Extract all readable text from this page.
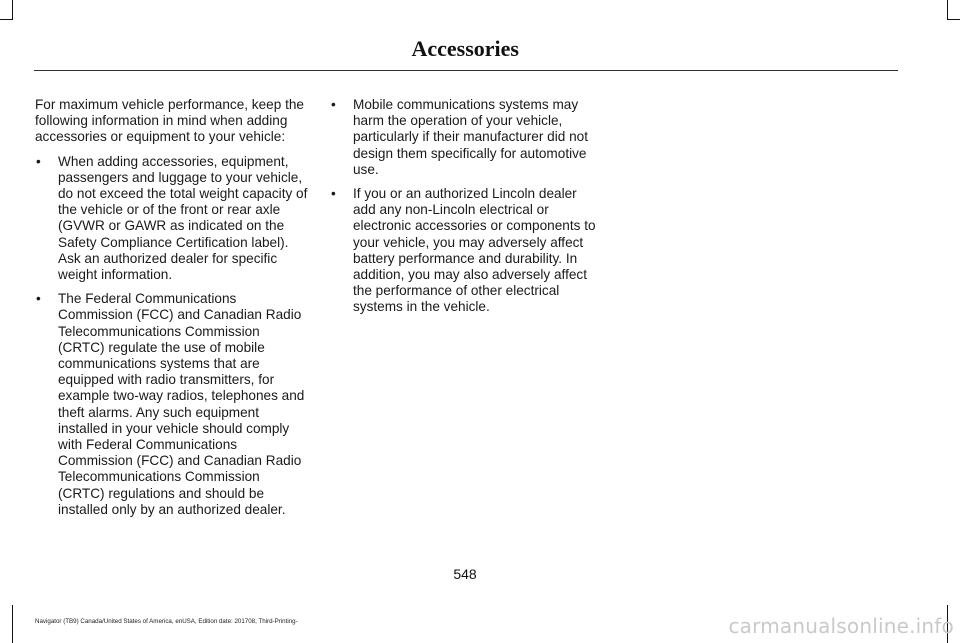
Accessories

For maximum vehicle performance, keep the following information in mind when adding accessories or equipment to your vehicle:

• When adding accessories, equipment, passengers and luggage to your vehicle, do not exceed the total weight capacity of the vehicle or of the front or rear axle (GVWR or GAWR as indicated on the Safety Compliance Certification label). Ask an authorized dealer for specific weight information.
• The Federal Communications Commission (FCC) and Canadian Radio Telecommunications Commission (CRTC) regulate the use of mobile communications systems that are equipped with radio transmitters, for example two-way radios, telephones and theft alarms. Any such equipment installed in your vehicle should comply with Federal Communications Commission (FCC) and Canadian Radio Telecommunications Commission (CRTC) regulations and should be installed only by an authorized dealer.
• Mobile communications systems may harm the operation of your vehicle, particularly if their manufacturer did not design them specifically for automotive use.
• If you or an authorized Lincoln dealer add any non-Lincoln electrical or electronic accessories or components to your vehicle, you may adversely affect battery performance and durability. In addition, you may also adversely affect the performance of other electrical systems in the vehicle.
548
Navigator (TB9) Canada/United States of America, enUSA, Edition date: 201708, Third-Printing-	carmanualsonline.info
